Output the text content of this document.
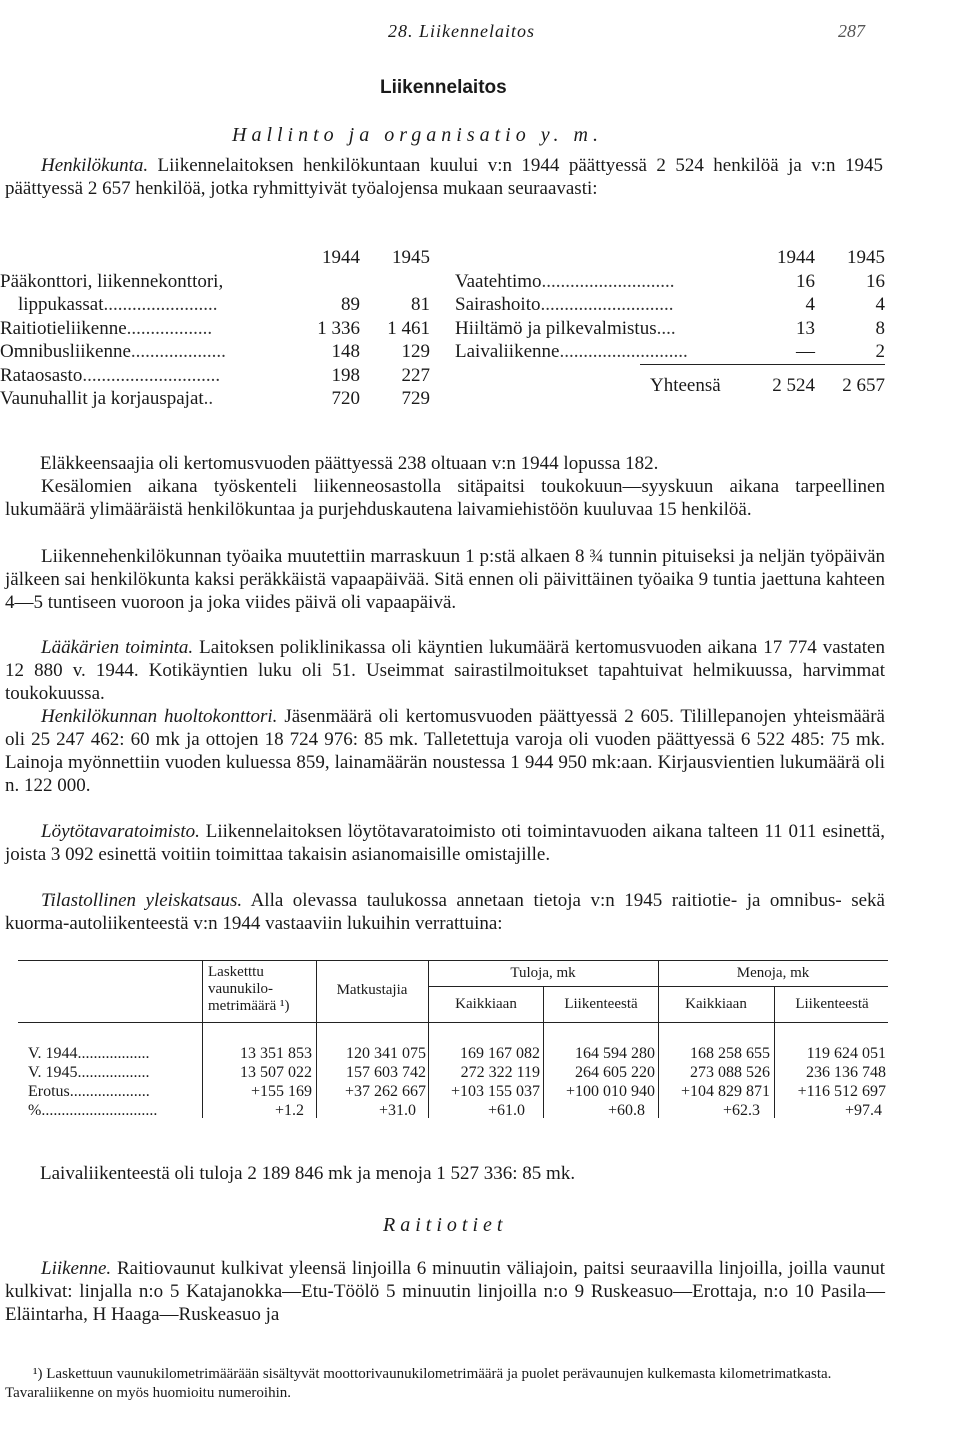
28. Liikennelaitos	287
Liikennelaitos
Hallinto ja organisatio y. m.
Henkilökunta. Liikennelaitoksen henkilökuntaan kuului v:n 1944 päättyessä 2 524 henkilöä ja v:n 1945 päättyessä 2 657 henkilöä, jotka ryhmittyivät työalojensa mukaan seuraavasti:
1944	1945
Pääkonttori, liikennekonttori,
lippukassat........................	89	81
Raitiotieliikenne..................	1 336	1 461
Omnibusliikenne....................	148	129
Rataosasto.............................	198	227
Vaunuhallit ja korjauspajat..	720	729
1944	1945
Vaatehtimo............................	16	16
Sairashoito............................	4	4
Hiiltämö ja pilkevalmistus....	13	8
Laivaliikenne...........................	—	2
Yhteensä	2 524	2 657
Eläkkeensaajia oli kertomusvuoden päättyessä 238 oltuaan v:n 1944 lopussa 182.
Kesälomien aikana työskenteli liikenneosastolla sitäpaitsi toukokuun—syyskuun aikana tarpeellinen lukumäärä ylimääräistä henkilökuntaa ja purjehduskautena laivamiehistöön kuuluvaa 15 henkilöä.
Liikennehenkilökunnan työaika muutettiin marraskuun 1 p:stä alkaen 8 ¾ tunnin pituiseksi ja neljän työpäivän jälkeen sai henkilökunta kaksi peräkkäistä vapaapäivää. Sitä ennen oli päivittäinen työaika 9 tuntia jaettuna kahteen 4—5 tuntiseen vuoroon ja joka viides päivä oli vapaapäivä.
Lääkärien toiminta. Laitoksen poliklinikassa oli käyntien lukumäärä kertomusvuoden aikana 17 774 vastaten 12 880 v. 1944. Kotikäyntien luku oli 51. Useimmat sairastilmoitukset tapahtuivat helmikuussa, harvimmat toukokuussa.
Henkilökunnan huoltokonttori. Jäsenmäärä oli kertomusvuoden päättyessä 2 605. Tilillepanojen yhteismäärä oli 25 247 462: 60 mk ja ottojen 18 724 976: 85 mk. Talletettuja varoja oli vuoden päättyessä 6 522 485: 75 mk. Lainoja myönnettiin vuoden kuluessa 859, lainamäärän noustessa 1 944 950 mk:aan. Kirjausvientien lukumäärä oli n. 122 000.
Löytötavaratoimisto. Liikennelaitoksen löytötavaratoimisto oti toimintavuoden aikana talteen 11 011 esinettä, joista 3 092 esinettä voitiin toimittaa takaisin asianomaisille omistajille.
Tilastollinen yleiskatsaus. Alla olevassa taulukossa annetaan tietoja v:n 1945 raitiotie- ja omnibus- sekä kuorma-autoliikenteestä v:n 1944 vastaaviin lukuihin verrattuina:
Lasketttu
vaunukilo-
metrimäärä ¹)
Matkustajia
Tuloja, mk	Menoja, mk
Kaikkiaan	Liikenteestä	Kaikkiaan	Liikenteestä
V. 1944..................	13 351 853	120 341 075	169 167 082	164 594 280	168 258 655	119 624 051
V. 1945..................	13 507 022	157 603 742	272 322 119	264 605 220	273 088 526	236 136 748
Erotus....................	+155 169	+37 262 667	+103 155 037	+100 010 940	+104 829 871	+116 512 697
%.............................	+1.2	+31.0	+61.0	+60.8	+62.3	+97.4
Laivaliikenteestä oli tuloja 2 189 846 mk ja menoja 1 527 336: 85 mk.
Raitiotiet
Liikenne. Raitiovaunut kulkivat yleensä linjoilla 6 minuutin väliajoin, paitsi seuraavilla linjoilla, joilla vaunut kulkivat: linjalla n:o 5 Katajanokka—Etu-Töölö 5 minuutin linjoilla n:o 9 Ruskeasuo—Erottaja, n:o 10 Pasila—Eläintarha, H Haaga—Ruskeasuo ja
¹) Laskettuun vaunukilometrimäärään sisältyvät moottorivaunukilometrimäärä ja puolet perävaunujen kulkemasta kilometrimatkasta. Tavaraliikenne on myös huomioitu numeroihin.
